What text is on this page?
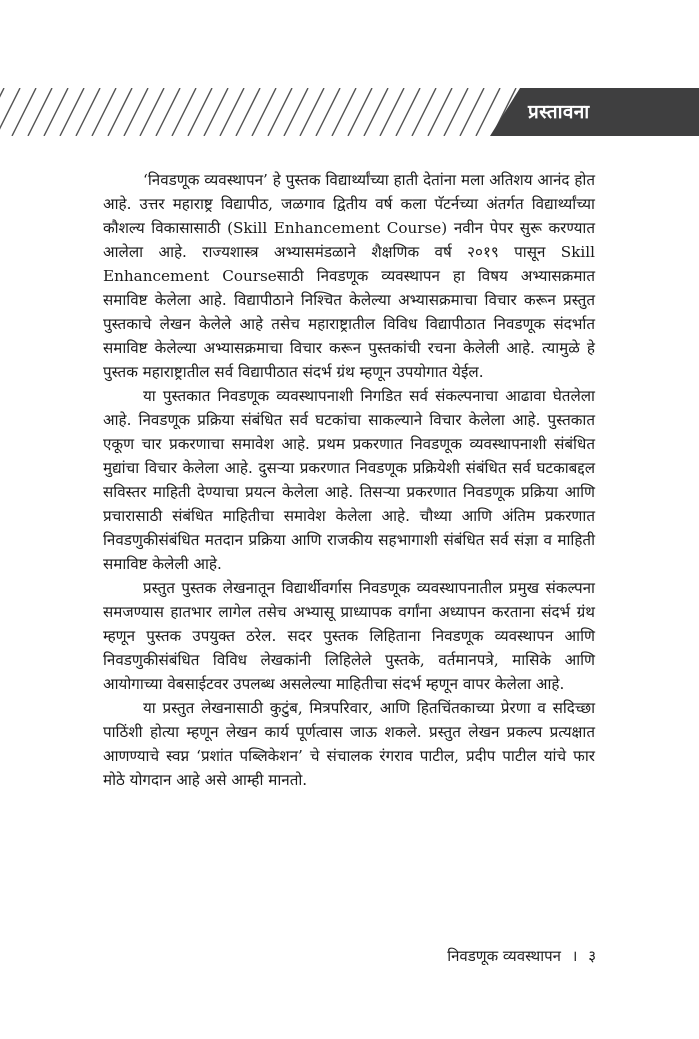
प्रस्तावना

‘निवडणूक व्यवस्थापन’ हे पुस्तक विद्यार्थ्यांच्या हाती देतांना मला अतिशय आनंद होत आहे. उत्तर महाराष्ट्र विद्यापीठ, जळगाव द्वितीय वर्ष कला पॅटर्नच्या अंतर्गत विद्यार्थ्यांच्या कौशल्य विकासासाठी (Skill Enhancement Course) नवीन पेपर सुरू करण्यात आलेला आहे. राज्यशास्त्र अभ्यासमंडळाने शैक्षणिक वर्ष २०१९ पासून Skill Enhancement Courseसाठी निवडणूक व्यवस्थापन हा विषय अभ्यासक्रमात समाविष्ट केलेला आहे. विद्यापीठाने निश्चित केलेल्या अभ्यासक्रमाचा विचार करून प्रस्तुत पुस्तकाचे लेखन केलेले आहे तसेच महाराष्ट्रातील विविध विद्यापीठात निवडणूक संदर्भात समाविष्ट केलेल्या अभ्यासक्रमाचा विचार करून पुस्तकांची रचना केलेली आहे. त्यामुळे हे पुस्तक महाराष्ट्रातील सर्व विद्यापीठात संदर्भ ग्रंथ म्हणून उपयोगात येईल.

या पुस्तकात निवडणूक व्यवस्थापनाशी निगडित सर्व संकल्पनाचा आढावा घेतलेला आहे. निवडणूक प्रक्रिया संबंधित सर्व घटकांचा साकल्याने विचार केलेला आहे. पुस्तकात एकूण चार प्रकरणाचा समावेश आहे. प्रथम प्रकरणात निवडणूक व्यवस्थापनाशी संबंधित मुद्यांचा विचार केलेला आहे. दुसऱ्या प्रकरणात निवडणूक प्रक्रियेशी संबंधित सर्व घटकाबद्दल सविस्तर माहिती देण्याचा प्रयत्न केलेला आहे. तिसऱ्या प्रकरणात निवडणूक प्रक्रिया आणि प्रचारासाठी संबंधित माहितीचा समावेश केलेला आहे. चौथ्या आणि अंतिम प्रकरणात निवडणुकीसंबंधित मतदान प्रक्रिया आणि राजकीय सहभागाशी संबंधित सर्व संज्ञा व माहिती समाविष्ट केलेली आहे.

प्रस्तुत पुस्तक लेखनातून विद्यार्थीवर्गास निवडणूक व्यवस्थापनातील प्रमुख संकल्पना समजण्यास हातभार लागेल तसेच अभ्यासू प्राध्यापक वर्गांना अध्यापन करताना संदर्भ ग्रंथ म्हणून पुस्तक उपयुक्त ठरेल. सदर पुस्तक लिहिताना निवडणूक व्यवस्थापन आणि निवडणुकीसंबंधित विविध लेखकांनी लिहिलेले पुस्तके, वर्तमानपत्रे, मासिके आणि आयोगाच्या वेबसाईटवर उपलब्ध असलेल्या माहितीचा संदर्भ म्हणून वापर केलेला आहे.

या प्रस्तुत लेखनासाठी कुटुंब, मित्रपरिवार, आणि हितचिंतकाच्या प्रेरणा व सदिच्छा पाठिंशी होत्या म्हणून लेखन कार्य पूर्णत्वास जाऊ शकले. प्रस्तुत लेखन प्रकल्प प्रत्यक्षात आणण्याचे स्वप्न ‘प्रशांत पब्लिकेशन’ चे संचालक रंगराव पाटील, प्रदीप पाटील यांचे फार मोठे योगदान आहे असे आम्ही मानतो.

निवडणूक व्यवस्थापन । ३
